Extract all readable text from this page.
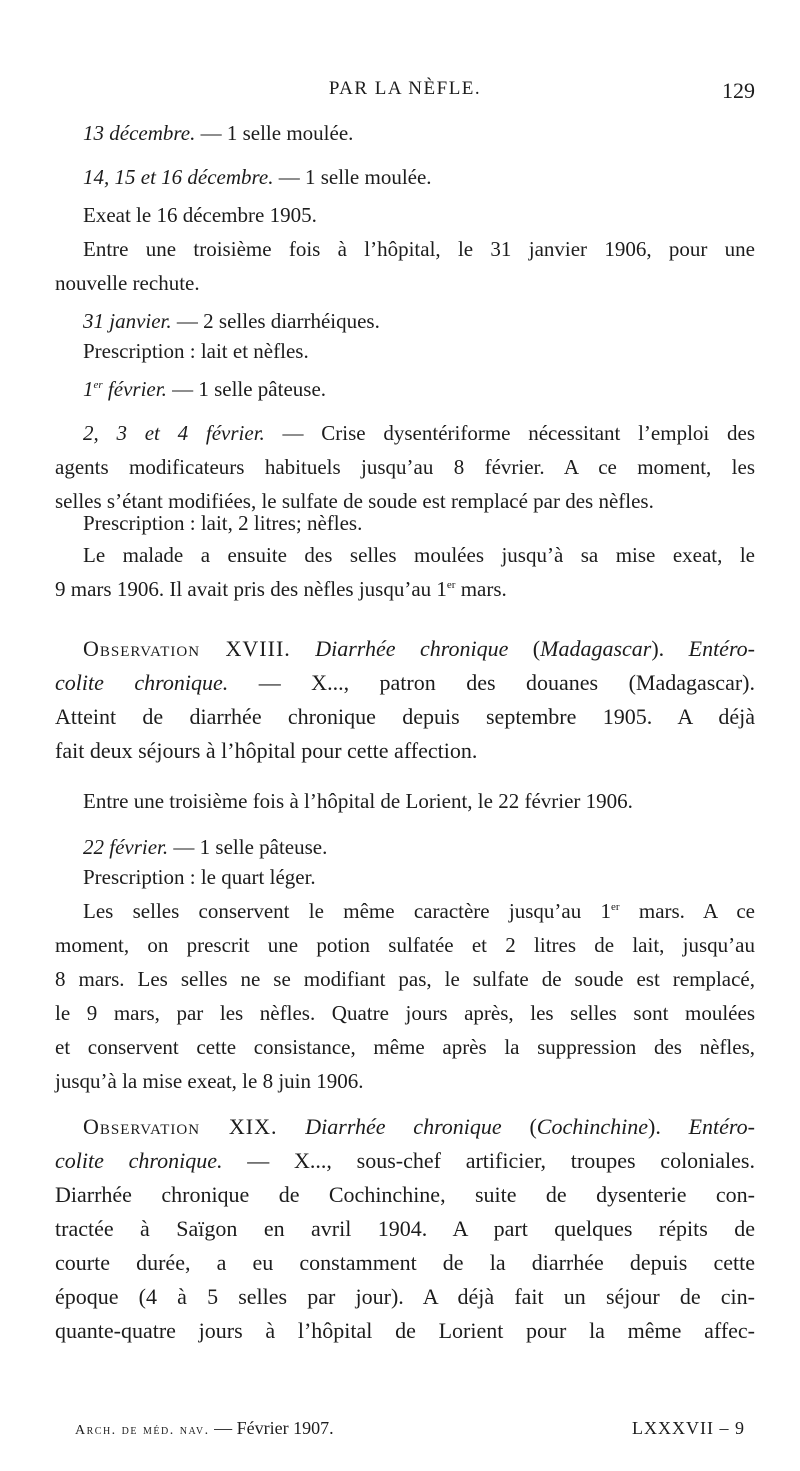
PAR LA NÈFLE.	129
13 décembre. — 1 selle moulée.
14, 15 et 16 décembre. — 1 selle moulée.
Exeat le 16 décembre 1905.
Entre une troisième fois à l’hôpital, le 31 janvier 1906, pour une
nouvelle rechute.
31 janvier. — 2 selles diarrhéiques.
Prescription : lait et nèfles.
1er février. — 1 selle pâteuse.
2, 3 et 4 février. — Crise dysentériforme nécessitant l’emploi des
agents modificateurs habituels jusqu’au 8 février. A ce moment, les
selles s’étant modifiées, le sulfate de soude est remplacé par des nèfles.
Prescription : lait, 2 litres; nèfles.
Le malade a ensuite des selles moulées jusqu’à sa mise exeat, le
9 mars 1906. Il avait pris des nèfles jusqu’au 1er mars.
Observation XVIII. Diarrhée chronique (Madagascar). Entéro-
colite chronique. — X..., patron des douanes (Madagascar).
Atteint de diarrhée chronique depuis septembre 1905. A déjà
fait deux séjours à l’hôpital pour cette affection.
Entre une troisième fois à l’hôpital de Lorient, le 22 février 1906.
22 février. — 1 selle pâteuse.
Prescription : le quart léger.
Les selles conservent le même caractère jusqu’au 1er mars. A ce
moment, on prescrit une potion sulfatée et 2 litres de lait, jusqu’au
8 mars. Les selles ne se modifiant pas, le sulfate de soude est remplacé,
le 9 mars, par les nèfles. Quatre jours après, les selles sont moulées
et conservent cette consistance, même après la suppression des nèfles,
jusqu’à la mise exeat, le 8 juin 1906.
Observation XIX. Diarrhée chronique (Cochinchine). Entéro-
colite chronique. — X..., sous-chef artificier, troupes coloniales.
Diarrhée chronique de Cochinchine, suite de dysenterie con-
tractée à Saïgon en avril 1904. A part quelques répits de
courte durée, a eu constamment de la diarrhée depuis cette
époque (4 à 5 selles par jour). A déjà fait un séjour de cin-
quante-quatre jours à l’hôpital de Lorient pour la même affec-
Arch. de méd. nav. — Février 1907.	LXXXVII – 9
